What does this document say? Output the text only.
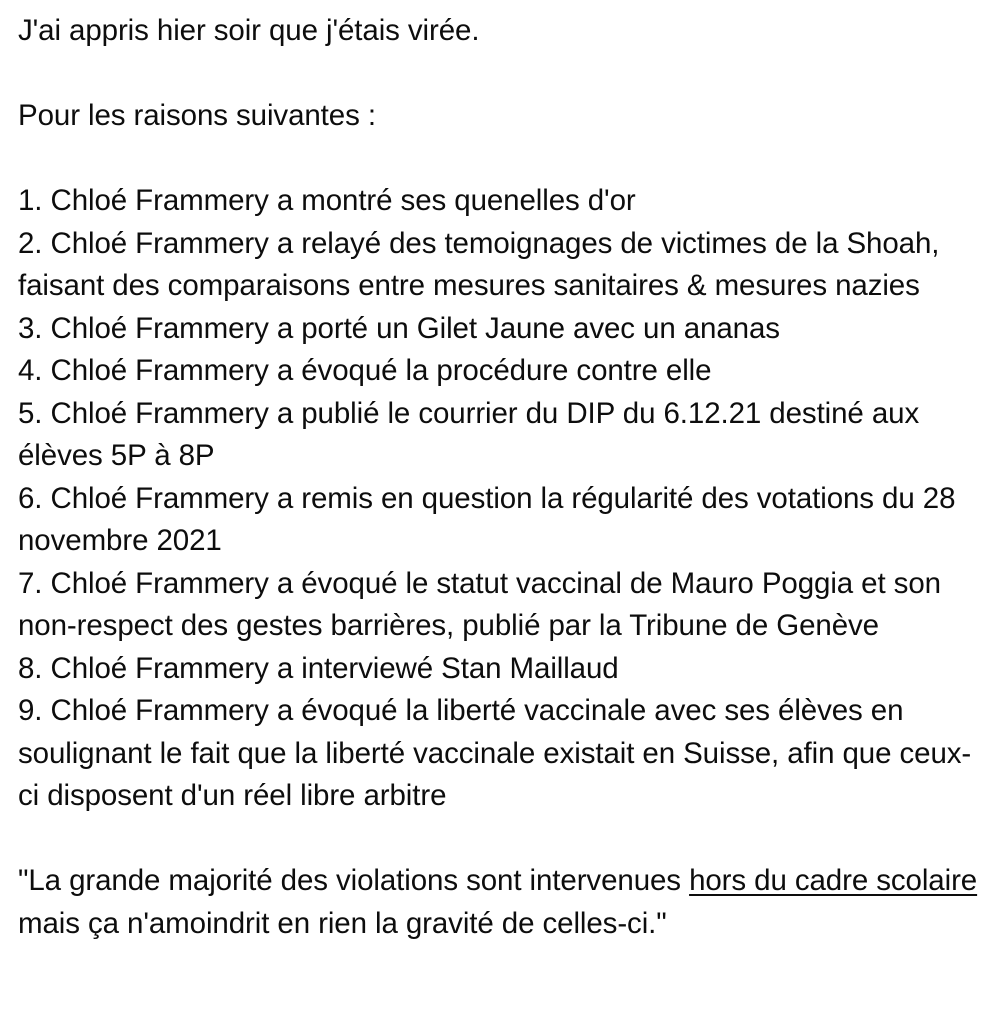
J'ai appris hier soir que j'étais virée.

Pour les raisons suivantes :

1. Chloé Frammery a montré ses quenelles d'or
2. Chloé Frammery a relayé des temoignages de victimes de la Shoah, faisant des comparaisons entre mesures sanitaires & mesures nazies
3. Chloé Frammery a porté un Gilet Jaune avec un ananas
4. Chloé Frammery a évoqué la procédure contre elle
5. Chloé Frammery a publié le courrier du DIP du 6.12.21 destiné aux élèves 5P à 8P
6. Chloé Frammery a remis en question la régularité des votations du 28 novembre 2021
7. Chloé Frammery a évoqué le statut vaccinal de Mauro Poggia et son non-respect des gestes barrières, publié par la Tribune de Genève
8. Chloé Frammery a interviewé Stan Maillaud
9. Chloé Frammery a évoqué la liberté vaccinale avec ses élèves en soulignant le fait que la liberté vaccinale existait en Suisse, afin que ceux-ci disposent d'un réel libre arbitre

"La grande majorité des violations sont intervenues hors du cadre scolaire mais ça n'amoindrit en rien la gravité de celles-ci."
